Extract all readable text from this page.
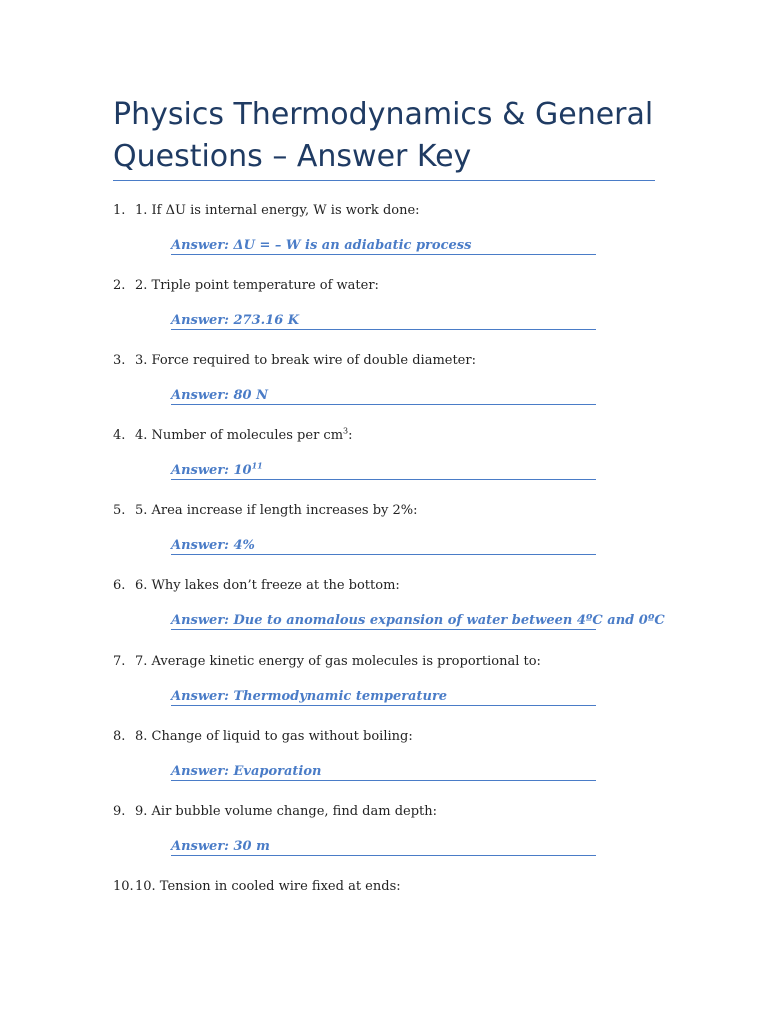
Physics Thermodynamics & General
Questions – Answer Key
1. 1. If ΔU is internal energy, W is work done:
Answer: ΔU = – W is an adiabatic process
2. 2. Triple point temperature of water:
Answer: 273.16 K
3. 3. Force required to break wire of double diameter:
Answer: 80 N
4. 4. Number of molecules per $cm^3$:
Answer: $10^{11}$
5. 5. Area increase if length increases by 2%:
Answer: 4%
6. 6. Why lakes don’t freeze at the bottom:
Answer: Due to anomalous expansion of water between 4ºC and 0ºC
7. 7. Average kinetic energy of gas molecules is proportional to:
Answer: Thermodynamic temperature
8. 8. Change of liquid to gas without boiling:
Answer: Evaporation
9. 9. Air bubble volume change, find dam depth:
Answer: 30 m
10. 10. Tension in cooled wire fixed at ends:
